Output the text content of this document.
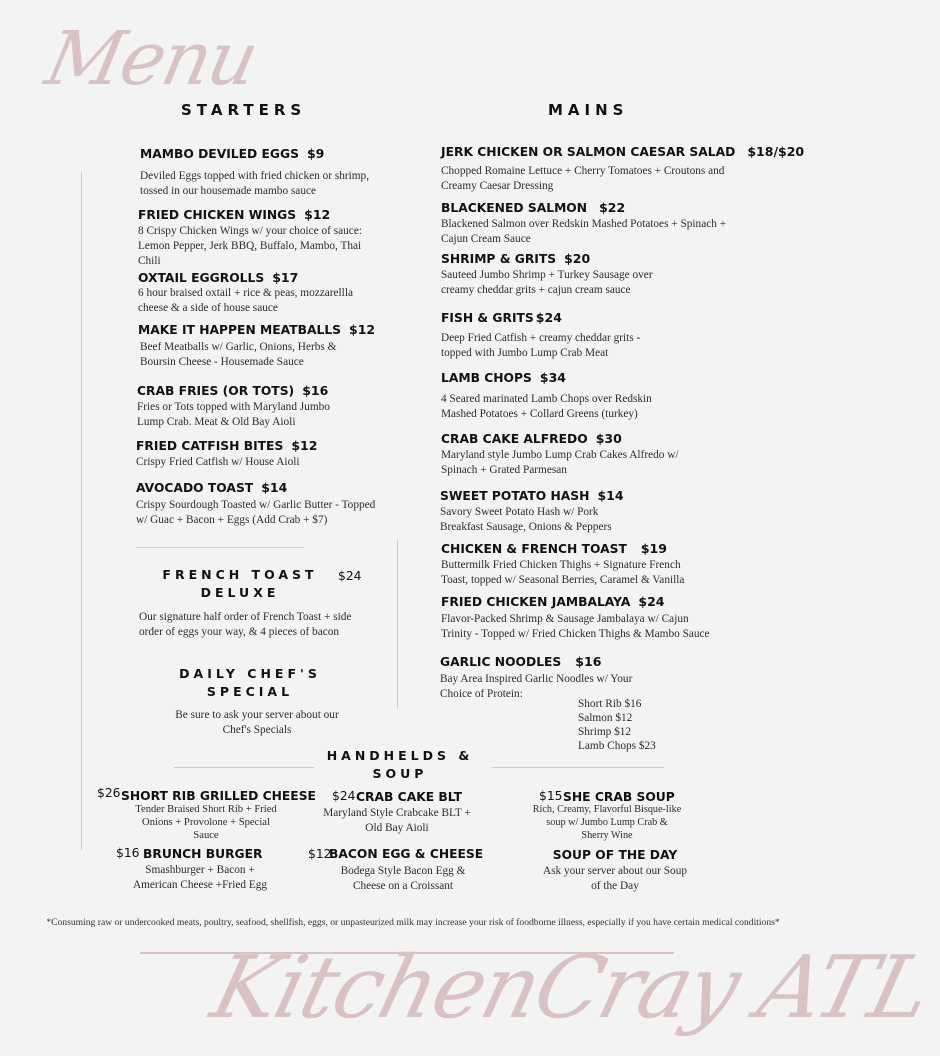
Menu
STARTERS	MAINS
MAMBO DEVILED EGGS $9
Deviled Eggs topped with fried chicken or shrimp, tossed in our housemade mambo sauce
FRIED CHICKEN WINGS $12
8 Crispy Chicken Wings w/ your choice of sauce: Lemon Pepper, Jerk BBQ, Buffalo, Mambo, Thai Chili
OXTAIL EGGROLLS $17
6 hour braised oxtail + rice & peas, mozzarellla cheese & a side of house sauce
MAKE IT HAPPEN MEATBALLS $12
Beef Meatballs w/ Garlic, Onions, Herbs & Boursin Cheese - Housemade Sauce
CRAB FRIES (OR TOTS) $16
Fries or Tots topped with Maryland Jumbo Lump Crab. Meat & Old Bay Aioli
FRIED CATFISH BITES $12
Crispy Fried Catfish w/ House Aioli
AVOCADO TOAST $14
Crispy Sourdough Toasted w/ Garlic Butter - Topped w/ Guac + Bacon + Eggs (Add Crab + $7)
FRENCH TOAST
DELUXE
$24
Our signature half order of French Toast + side order of eggs your way, & 4 pieces of bacon
DAILY CHEF'S
SPECIAL
Be sure to ask your server about our Chef's Specials
JERK CHICKEN OR SALMON CAESAR SALAD $18/$20
Chopped Romaine Lettuce + Cherry Tomatoes + Croutons and Creamy Caesar Dressing
BLACKENED SALMON $22
Blackened Salmon over Redskin Mashed Potatoes + Spinach + Cajun Cream Sauce
SHRIMP & GRITS $20
Sauteed Jumbo Shrimp + Turkey Sausage over creamy cheddar grits + cajun cream sauce
FISH & GRITS $24
Deep Fried Catfish + creamy cheddar grits - topped with Jumbo Lump Crab Meat
LAMB CHOPS $34
4 Seared marinated Lamb Chops over Redskin Mashed Potatoes + Collard Greens (turkey)
CRAB CAKE ALFREDO $30
Maryland style Jumbo Lump Crab Cakes Alfredo w/ Spinach + Grated Parmesan
SWEET POTATO HASH $14
Savory Sweet Potato Hash w/ Pork Breakfast Sausage, Onions & Peppers
CHICKEN & FRENCH TOAST $19
Buttermilk Fried Chicken Thighs + Signature French Toast, topped w/ Seasonal Berries, Caramel & Vanilla
FRIED CHICKEN JAMBALAYA $24
Flavor-Packed Shrimp & Sausage Jambalaya w/ Cajun Trinity - Topped w/ Fried Chicken Thighs & Mambo Sauce
GARLIC NOODLES $16
Bay Area Inspired Garlic Noodles w/ Your Choice of Protein:
Short Rib $16
Salmon $12
Shrimp $12
Lamb Chops $23
HANDHELDS &
SOUP
$26 SHORT RIB GRILLED CHEESE
Tender Braised Short Rib + Fried Onions + Provolone + Special Sauce
$24 CRAB CAKE BLT
Maryland Style Crabcake BLT + Old Bay Aioli
$15 SHE CRAB SOUP
Rich, Creamy, Flavorful Bisque-like soup w/ Jumbo Lump Crab & Sherry Wine
$16 BRUNCH BURGER
Smashburger + Bacon + American Cheese +Fried Egg
$12
BACON EGG & CHEESE
Bodega Style Bacon Egg & Cheese on a Croissant
SOUP OF THE DAY
Ask your server about our Soup of the Day
*Consuming raw or undercooked meats, poultry, seafood, shellfish, eggs, or unpasteurized milk may increase your risk of foodborne illness, especially if you have certain medical conditions*
KitchenCray ATL
